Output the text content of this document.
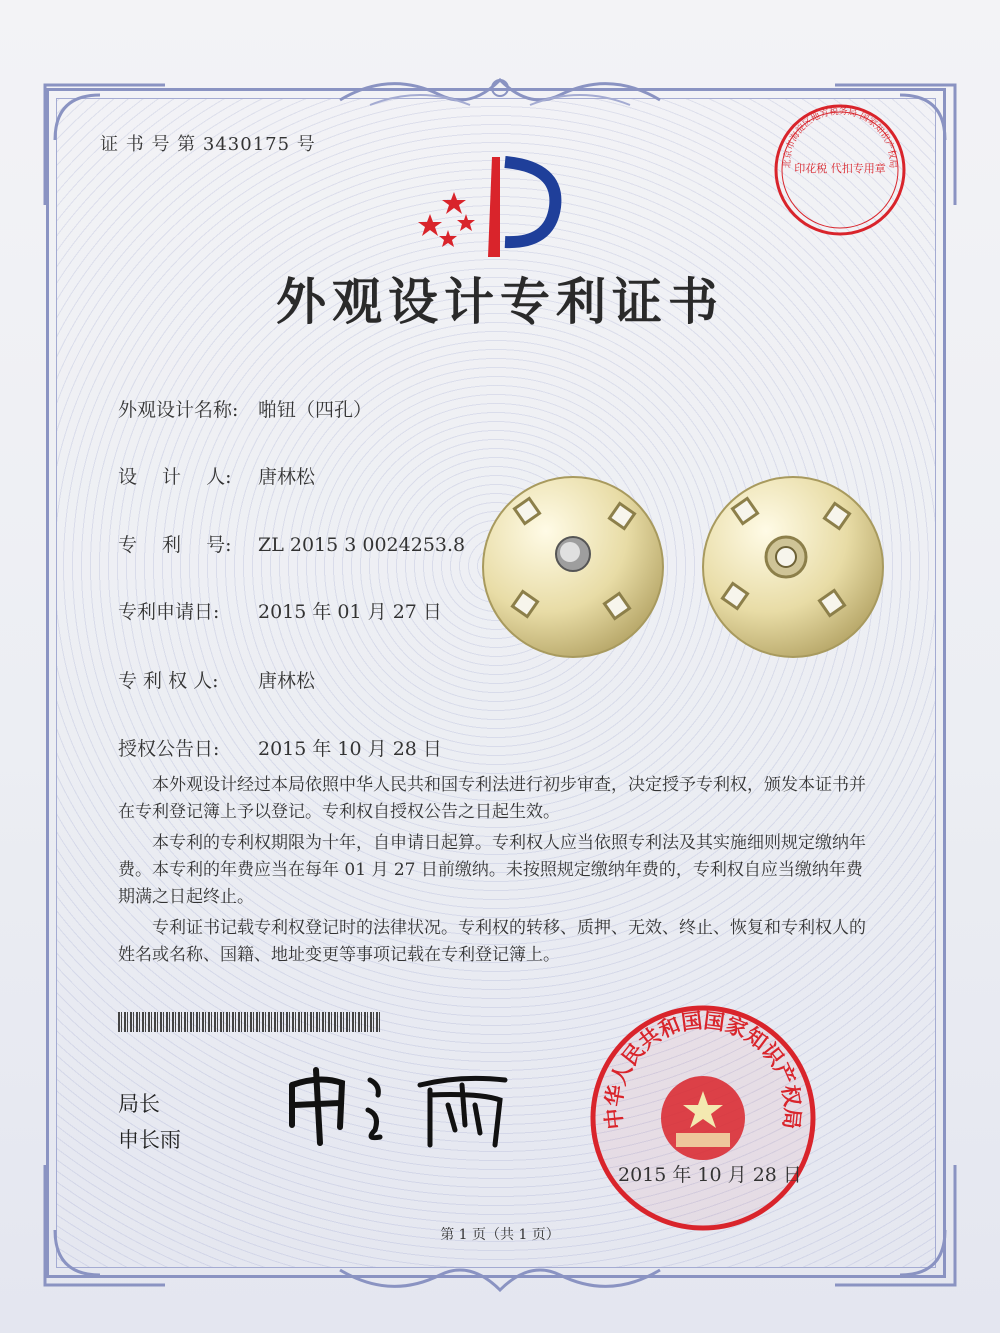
证 书 号 第 3430175 号
外观设计专利证书
外观设计名称: 啪钮（四孔）
设　 计　 人: 唐林松
专　 利　 号: ZL 2015 3 0024253.8
专利申请日: 2015 年 01 月 27 日
专 利 权 人: 唐林松
授权公告日: 2015 年 10 月 28 日

本外观设计经过本局依照中华人民共和国专利法进行初步审查，决定授予专利权，颁发本证书并在专利登记簿上予以登记。专利权自授权公告之日起生效。

本专利的专利权期限为十年，自申请日起算。专利权人应当依照专利法及其实施细则规定缴纳年费。本专利的年费应当在每年 01 月 27 日前缴纳。未按照规定缴纳年费的，专利权自应当缴纳年费期满之日起终止。

专利证书记载专利权登记时的法律状况。专利权的转移、质押、无效、终止、恢复和专利权人的姓名或名称、国籍、地址变更等事项记载在专利登记簿上。

局长
申长雨
中华人民共和国国家知识产权局
2015 年 10 月 28 日
北京市海淀区地方税务局 国家知识产权局
印花税 代扣专用章
第 1 页（共 1 页）
